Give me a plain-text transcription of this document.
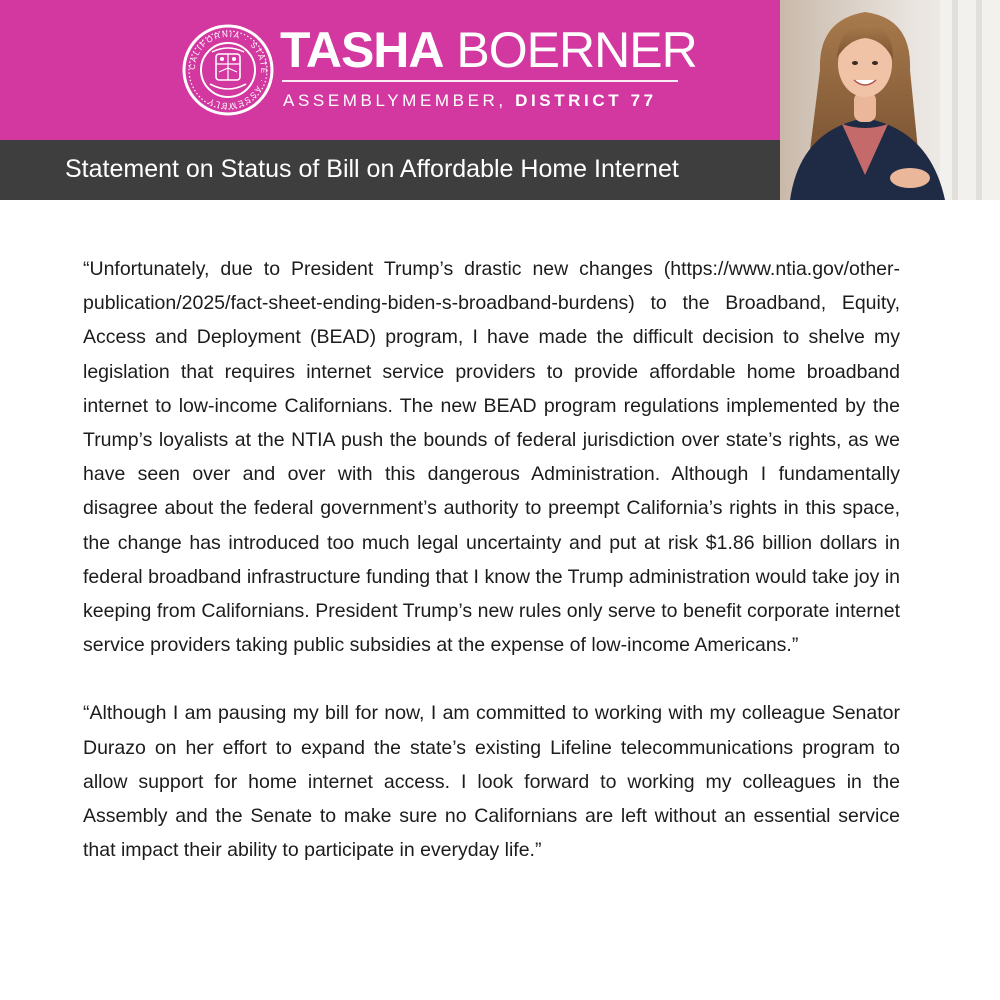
CALIFORNIA · STATE · ASSEMBLY
TASHA BOERNER
ASSEMBLYMEMBER, DISTRICT 77
Statement on Status of Bill on Affordable Home Internet

“Unfortunately, due to President Trump’s drastic new changes (https://www.ntia.gov/other-publication/2025/fact-sheet-ending-biden-s-broadband-burdens) to the Broadband, Equity, Access and Deployment (BEAD) program, I have made the difficult decision to shelve my legislation that requires internet service providers to provide affordable home broadband internet to low-income Californians. The new BEAD program regulations implemented by the Trump’s loyalists at the NTIA push the bounds of federal jurisdiction over state’s rights, as we have seen over and over with this dangerous Administration. Although I fundamentally disagree about the federal government’s authority to preempt California’s rights in this space, the change has introduced too much legal uncertainty and put at risk $1.86 billion dollars in federal broadband infrastructure funding that I know the Trump administration would take joy in keeping from Californians. President Trump’s new rules only serve to benefit corporate internet service providers taking public subsidies at the expense of low-income Americans.”

“Although I am pausing my bill for now, I am committed to working with my colleague Senator Durazo on her effort to expand the state’s existing Lifeline telecommunications program to allow support for home internet access. I look forward to working my colleagues in the Assembly and the Senate to make sure no Californians are left without an essential service that impact their ability to participate in everyday life.”
